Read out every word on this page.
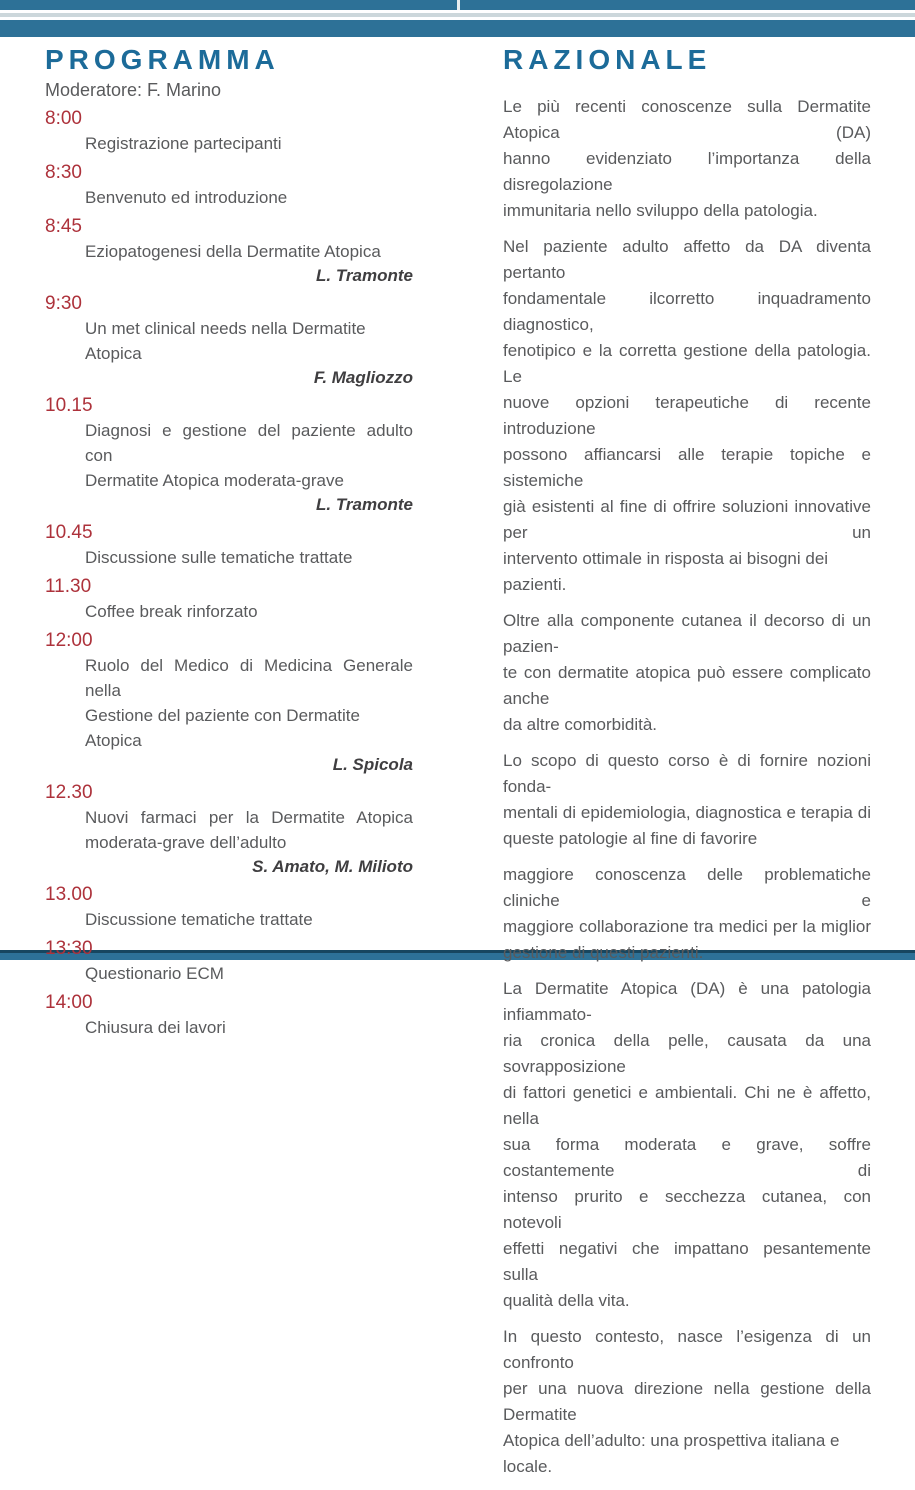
PROGRAMMA
Moderatore: F. Marino
8:00
Registrazione partecipanti
8:30
Benvenuto ed introduzione
8:45
Eziopatogenesi della Dermatite Atopica
L. Tramonte
9:30
Un met clinical needs nella Dermatite Atopica
F. Magliozzo
10.15
Diagnosi e gestione del paziente adulto con
Dermatite Atopica moderata-grave
L. Tramonte
10.45
Discussione sulle tematiche trattate
11.30
Coffee break rinforzato
12:00
Ruolo del Medico di Medicina Generale nella
Gestione del paziente con Dermatite Atopica
L. Spicola
12.30
Nuovi farmaci per la Dermatite Atopica
moderata-grave dell’adulto
S. Amato, M. Milioto
13.00
Discussione tematiche trattate
13:30
Questionario ECM
14:00
Chiusura dei lavori
RAZIONALE

Le più recenti conoscenze sulla Dermatite Atopica (DA)
hanno evidenziato l’importanza della disregolazione
immunitaria nello sviluppo della patologia.

Nel paziente adulto affetto da DA diventa pertanto
fondamentale ilcorretto inquadramento diagnostico,
fenotipico e la corretta gestione della patologia. Le
nuove opzioni terapeutiche di recente introduzione
possono affiancarsi alle terapie topiche e sistemiche
già esistenti al fine di offrire soluzioni innovative per un
intervento ottimale in risposta ai bisogni dei pazienti.

Oltre alla componente cutanea il decorso di un pazien-
te con dermatite atopica può essere complicato anche
da altre comorbidità.

Lo scopo di questo corso è di fornire nozioni fonda-
mentali di epidemiologia, diagnostica e terapia di
queste patologie al fine di favorire

maggiore conoscenza delle problematiche cliniche e
maggiore collaborazione tra medici per la miglior
gestione di questi pazienti.

La Dermatite Atopica (DA) è una patologia infiammato-
ria cronica della pelle, causata da una sovrapposizione
di fattori genetici e ambientali. Chi ne è affetto, nella
sua forma moderata e grave, soffre costantemente di
intenso prurito e secchezza cutanea, con notevoli
effetti negativi che impattano pesantemente sulla
qualità della vita.

In questo contesto, nasce l’esigenza di un confronto
per una nuova direzione nella gestione della Dermatite
Atopica dell’adulto: una prospettiva italiana e locale.
